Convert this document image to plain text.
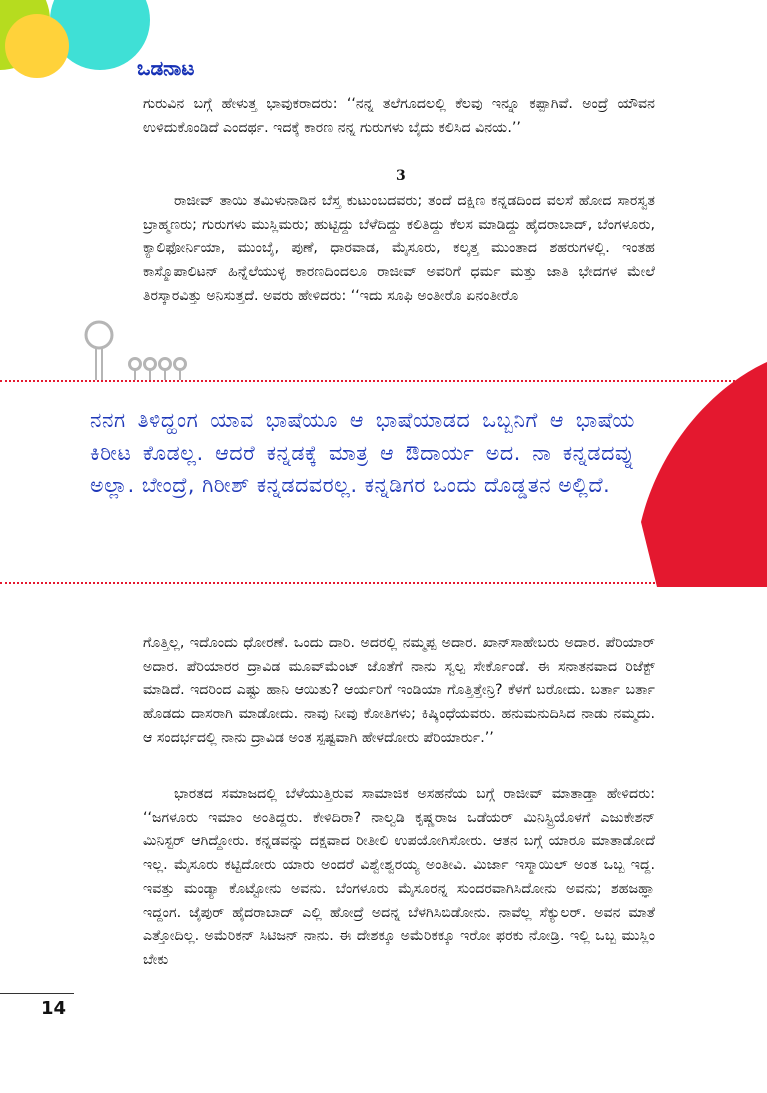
ಒಡನಾಟ

ಗುರುವಿನ ಬಗ್ಗೆ ಹೇಳುತ್ತ ಭಾವುಕರಾದರು: ‘‘ನನ್ನ ತಲೆಗೂದಲಲ್ಲಿ ಕೆಲವು ಇನ್ನೂ ಕಪ್ಪಾಗಿವೆ. ಅಂದ್ರೆ ಯೌವನ ಉಳಿದುಕೊಂಡಿದೆ ಎಂದರ್ಥ. ಇದಕ್ಕೆ ಕಾರಣ ನನ್ನ ಗುರುಗಳು ಬೈದು ಕಲಿಸಿದ ವಿನಯ.’’

3

ರಾಜೀವ್ ತಾಯಿ ತಮಿಳುನಾಡಿನ ಬೆಸ್ತ ಕುಟುಂಬದವರು; ತಂದೆ ದಕ್ಷಿಣ ಕನ್ನಡದಿಂದ ವಲಸೆ ಹೋದ ಸಾರಸ್ವತ ಬ್ರಾಹ್ಮಣರು; ಗುರುಗಳು ಮುಸ್ಲಿಮರು; ಹುಟ್ಟಿದ್ದು ಬೆಳೆದಿದ್ದು ಕಲಿತಿದ್ದು ಕೆಲಸ ಮಾಡಿದ್ದು ಹೈದರಾಬಾದ್, ಬೆಂಗಳೂರು, ಕ್ಯಾಲಿಫೋರ್ನಿಯಾ, ಮುಂಬೈ, ಪುಣೆ, ಧಾರವಾಡ, ಮೈಸೂರು, ಕಲ್ಕತ್ತ ಮುಂತಾದ ಶಹರುಗಳಲ್ಲಿ. ಇಂತಹ ಕಾಸ್ಮೊಪಾಲಿಟನ್ ಹಿನ್ನೆಲೆಯುಳ್ಳ ಕಾರಣದಿಂದಲೂ ರಾಜೀವ್ ಅವರಿಗೆ ಧರ್ಮ ಮತ್ತು ಜಾತಿ ಭೇದಗಳ ಮೇಲೆ ತಿರಸ್ಕಾರವಿತ್ತು ಅನಿಸುತ್ತದೆ. ಅವರು ಹೇಳಿದರು: ‘‘ಇದು ಸೂಫಿ ಅಂತೀರೊ ಏನಂತೀರೊ

ನನಗ ತಿಳಿದ್ಹಂಗ ಯಾವ ಭಾಷೆಯೂ ಆ ಭಾಷೆಯಾಡದ ಒಬ್ಬನಿಗೆ ಆ ಭಾಷೆಯ ಕಿರೀಟ ಕೊಡಲ್ಲ. ಆದರೆ ಕನ್ನಡಕ್ಕೆ ಮಾತ್ರ ಆ ಔದಾರ್ಯ ಅದ. ನಾ ಕನ್ನಡದವ್ನು ಅಲ್ಲಾ. ಬೇಂದ್ರೆ, ಗಿರೀಶ್ ಕನ್ನಡದವರಲ್ಲ. ಕನ್ನಡಿಗರ ಒಂದು ದೊಡ್ಡತನ ಅಲ್ಲಿದೆ.

ಗೊತ್ತಿಲ್ಲ, ಇದೊಂದು ಧೋರಣೆ. ಒಂದು ದಾರಿ. ಅದರಲ್ಲಿ ನಮ್ಮಪ್ಪ ಅದಾರ. ಖಾನ್‌ಸಾಹೇಬರು ಅದಾರ. ಪೆರಿಯಾರ್ ಅದಾರ. ಪೆರಿಯಾರರ ದ್ರಾವಿಡ ಮೂವ್‌ಮೆಂಟ್ ಜೊತೆಗೆ ನಾನು ಸ್ವಲ್ಪ ಸೇರ್ಕೊಂಡೆ. ಈ ಸನಾತನವಾದ ರಿಜೆಕ್ಟ್ ಮಾಡಿದೆ. ಇದರಿಂದ ಎಷ್ಟು ಹಾನಿ ಆಯಿತು? ಆರ್ಯರಿಗೆ ಇಂಡಿಯಾ ಗೊತ್ತಿತ್ತೇನ್ರಿ? ಕೆಳಗೆ ಬರೋದು. ಬರ್ತಾ ಬರ್ತಾ ಹೊಡದು ದಾಸರಾಗಿ ಮಾಡೋದು. ನಾವು ನೀವು ಕೋತಿಗಳು; ಕಿಷ್ಕಿಂಧೆಯವರು. ಹನುಮನುದಿಸಿದ ನಾಡು ನಮ್ಮದು. ಆ ಸಂದರ್ಭದಲ್ಲಿ ನಾನು ದ್ರಾವಿಡ ಅಂತ ಸ್ಪಷ್ಟವಾಗಿ ಹೇಳದೋರು ಪೆರಿಯಾರ್ರು.’’

ಭಾರತದ ಸಮಾಜದಲ್ಲಿ ಬೆಳೆಯುತ್ತಿರುವ ಸಾಮಾಜಿಕ ಅಸಹನೆಯ ಬಗ್ಗೆ ರಾಜೀವ್ ಮಾತಾಡ್ತಾ ಹೇಳಿದರು: ‘‘ಜಗಳೂರು ಇಮಾಂ ಅಂತಿದ್ದರು. ಕೇಳಿದಿರಾ? ನಾಲ್ವಡಿ ಕೃಷ್ಣರಾಜ ಒಡೆಯರ್ ಮಿನಿಸ್ಟ್ರಿಯೊಳಗೆ ಎಜುಕೇಶನ್ ಮಿನಿಸ್ಟರ್ ಆಗಿದ್ದೋರು. ಕನ್ನಡವನ್ನು ದಕ್ಷವಾದ ರೀತೀಲಿ ಉಪಯೋಗಿಸೋರು. ಆತನ ಬಗ್ಗೆ ಯಾರೂ ಮಾತಾಡೋದೆ ಇಲ್ಲ. ಮೈಸೂರು ಕಟ್ಟಿದೋರು ಯಾರು ಅಂದರೆ ವಿಶ್ವೇಶ್ವರಯ್ಯ ಅಂತೀವಿ. ಮಿರ್ಜಾ ಇಸ್ಮಾಯಿಲ್ ಅಂತ ಒಬ್ಬ ಇದ್ದ. ಇವತ್ತು ಮಂಡ್ಯಾ ಕೊಟ್ಟೋನು ಅವನು. ಬೆಂಗಳೂರು ಮೈಸೂರನ್ನ ಸುಂದರವಾಗಿಸಿದೋನು ಅವನು; ಶಹಜಹ್ಞಾ ಇದ್ದಂಗ. ಜೈಪುರ್ ಹೈದರಾಬಾದ್ ಎಲ್ಲಿ ಹೋದ್ರೆ ಅದನ್ನ ಬೆಳಗಿಸಿಬಿಡೋನು. ನಾವೆಲ್ಲ ಸೆಕ್ಯುಲರ್. ಅವನ ಮಾತೆ ಎತ್ತೋದಿಲ್ಲ. ಅಮೆರಿಕನ್ ಸಿಟಿಜನ್ ನಾನು. ಈ ದೇಶಕ್ಕೂ ಅಮೆರಿಕಕ್ಕೂ ಇರೋ ಫರಕು ನೋಡ್ರಿ. ಇಲ್ಲಿ ಒಬ್ಬ ಮುಸ್ಲಿಂ ಬೇಕು

14
